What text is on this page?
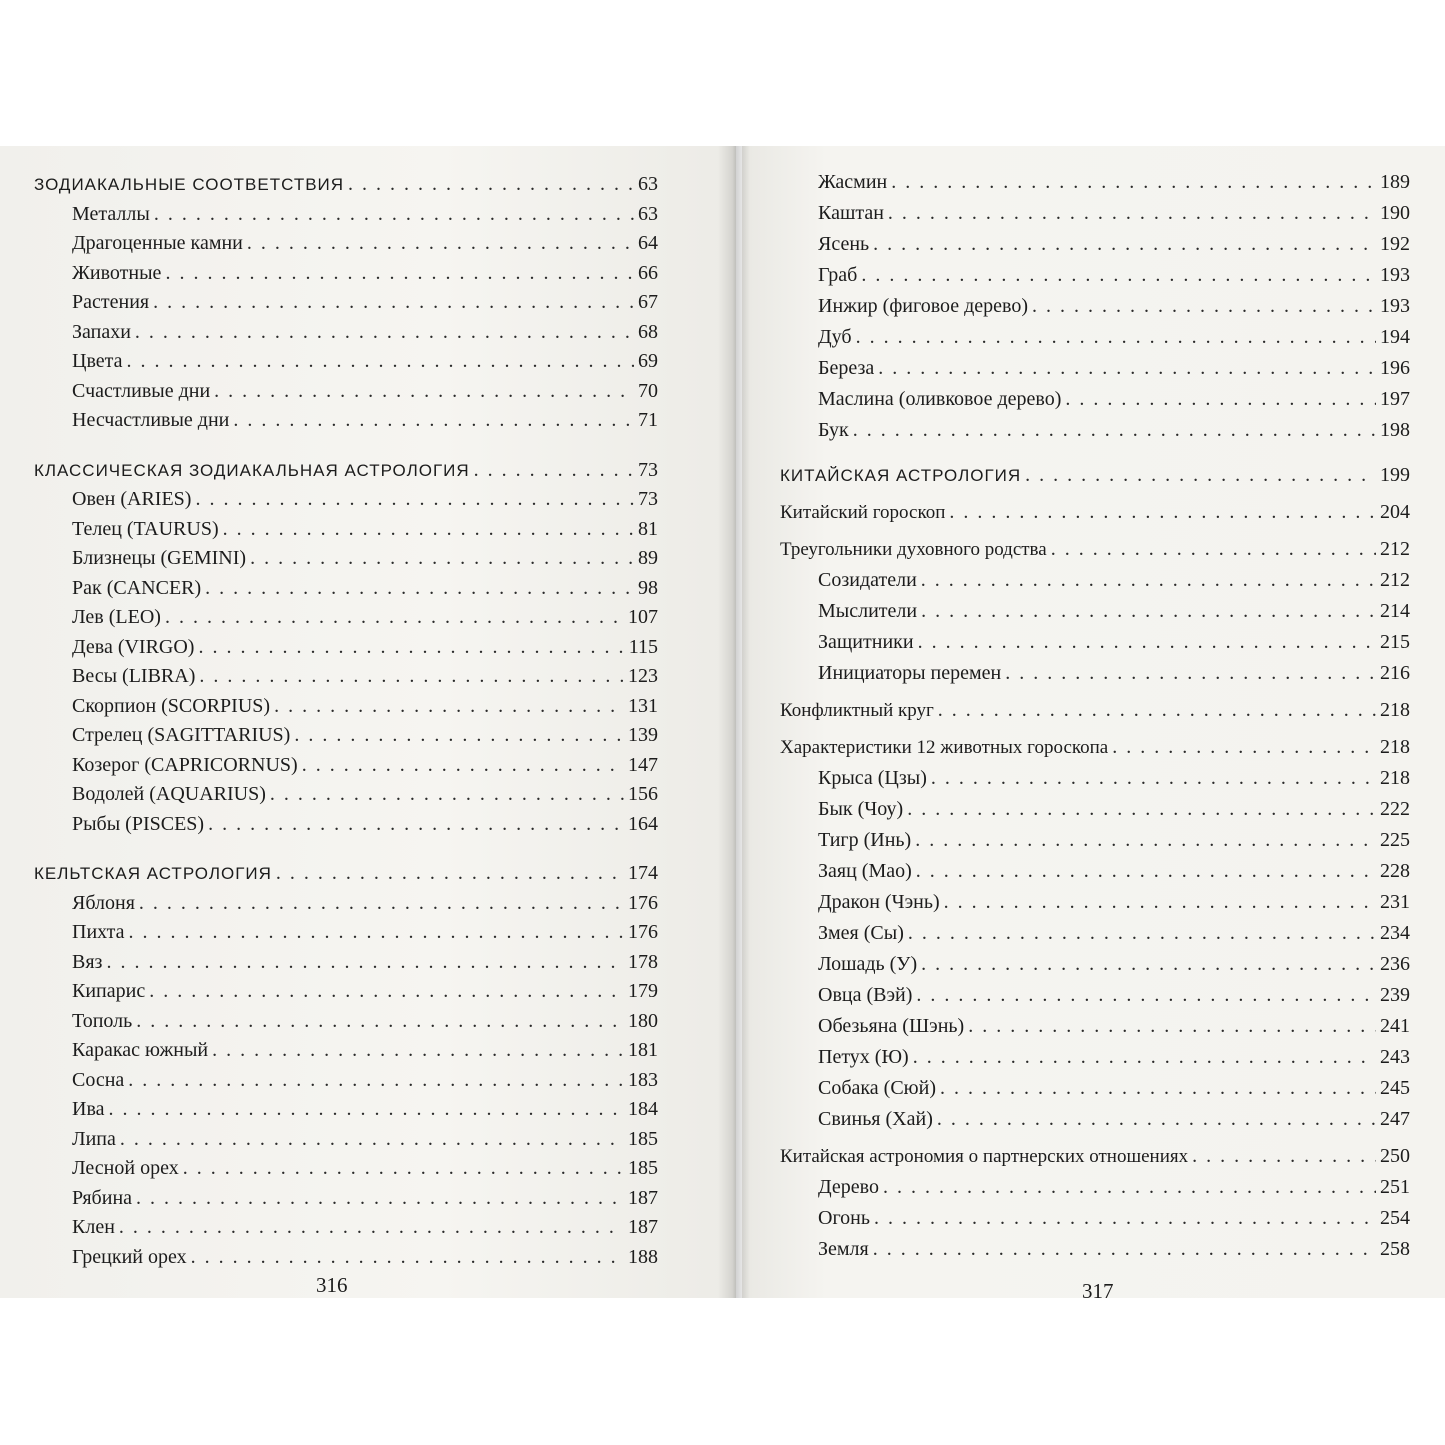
ЗОДИАКАЛЬНЫЕ СООТВЕТСТВИЯ . . .	63
Металлы . . .	63
Драгоценные камни . . .	64
Животные . . .	66
Растения . . .	67
Запахи . . .	68
Цвета . . .	69
Счастливые дни . . .	70
Несчастливые дни . . .	71
КЛАССИЧЕСКАЯ ЗОДИАКАЛЬНАЯ АСТРОЛОГИЯ . . .	73
Овен (ARIES) . . .	73
Телец (TAURUS) . . .	81
Близнецы (GEMINI) . . .	89
Рак (CANCER) . . .	98
Лев (LEO) . . .	107
Дева (VIRGO) . . .	115
Весы (LIBRA) . . .	123
Скорпион (SCORPIUS) . . .	131
Стрелец (SAGITTARIUS) . . .	139
Козерог (CAPRICORNUS) . . .	147
Водолей (AQUARIUS) . . .	156
Рыбы (PISCES) . . .	164
КЕЛЬТСКАЯ АСТРОЛОГИЯ . . .	174
Яблоня . . .	176
Пихта . . .	176
Вяз . . .	178
Кипарис . . .	179
Тополь . . .	180
Каракас южный . . .	181
Сосна . . .	183
Ива . . .	184
Липа . . .	185
Лесной орех . . .	185
Рябина . . .	187
Клен . . .	187
Грецкий орех . . .	188
Жасмин . . .	189
Каштан . . .	190
Ясень . . .	192
Граб . . .	193
Инжир (фиговое дерево) . . .	193
Дуб . . .	194
Береза . . .	196
Маслина (оливковое дерево) . . .	197
Бук . . .	198
КИТАЙСКАЯ АСТРОЛОГИЯ . . .	199
Китайский гороскоп . . .	204
Треугольники духовного родства . . .	212
Созидатели . . .	212
Мыслители . . .	214
Защитники . . .	215
Инициаторы перемен . . .	216
Конфликтный круг . . .	218
Характеристики 12 животных гороскопа . . .	218
Крыса (Цзы) . . .	218
Бык (Чоу) . . .	222
Тигр (Инь) . . .	225
Заяц (Мао) . . .	228
Дракон (Чэнь) . . .	231
Змея (Сы) . . .	234
Лошадь (У) . . .	236
Овца (Вэй) . . .	239
Обезьяна (Шэнь) . . .	241
Петух (Ю) . . .	243
Собака (Сюй) . . .	245
Свинья (Хай) . . .	247
Китайская астрономия о партнерских отношениях . . .	250
Дерево . . .	251
Огонь . . .	254
Земля . . .	258
316	317
